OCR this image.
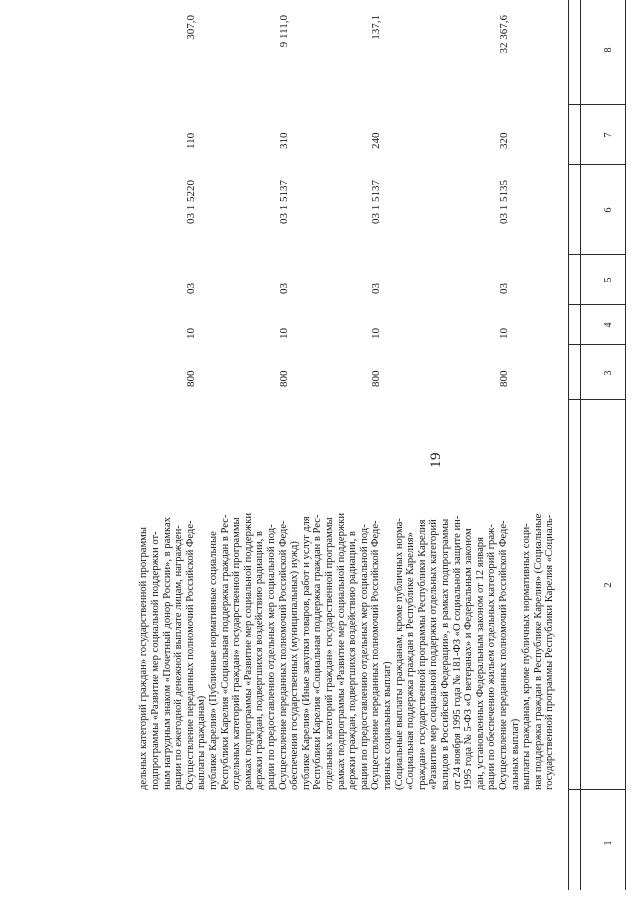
19
1
2
3
4
5
6
7
8
государственной программы Республики Карелия «Социаль-
ная поддержка граждан в Республике Карелия» (Социальные
выплаты гражданам, кроме публичных нормативных соци-
альных выплат)
Осуществление переданных полномочий Российской Феде-
рации по обеспечению жильем отдельных категорий граж-
дан, установленных Федеральным законом от 12 января
1995 года № 5-ФЗ «О ветеранах» и Федеральным законом
от 24 ноября 1995 года № 181-ФЗ «О социальной защите ин-
валидов в Российской Федерации», в рамках подпрограммы
«Развитие мер социальной поддержки отдельных категорий
граждан» государственной программы Республики Карелия
«Социальная поддержка граждан в Республике Карелия»
(Социальные выплаты гражданам, кроме публичных норма-
тивных социальных выплат)
800
10
03
03 1 5135
320
32 367,6
Осуществление переданных полномочий Российской Феде-
рации по предоставлению отдельных мер социальной под-
держки граждан, подвергшихся воздействию радиации, в
рамках подпрограммы «Развитие мер социальной поддержки
отдельных категорий граждан» государственной программы
Республики Карелия «Социальная поддержка граждан в Рес-
публике Карелия» (Иные закупки товаров, работ и услуг для
обеспечения государственных (муниципальных) нужд)
800
10
03
03 1 5137
240
137,1
Осуществление переданных полномочий Российской Феде-
рации по предоставлению отдельных мер социальной под-
держки граждан, подвергшихся воздействию радиации, в
рамках подпрограммы «Развитие мер социальной поддержки
отдельных категорий граждан» государственной программы
Республики Карелия «Социальная поддержка граждан в Рес-
публике Карелия» (Публичные нормативные социальные
выплаты гражданам)
800
10
03
03 1 5137
310
9 111,0
Осуществление переданных полномочий Российской Феде-
рации по ежегодной денежной выплате лицам, награжден-
ным нагрудным знаком «Почетный донор России», в рамках
подпрограммы «Развитие мер социальной поддержки от-
дельных категорий граждан» государственной программы
800
10
03
03 1 5220
110
307,0
